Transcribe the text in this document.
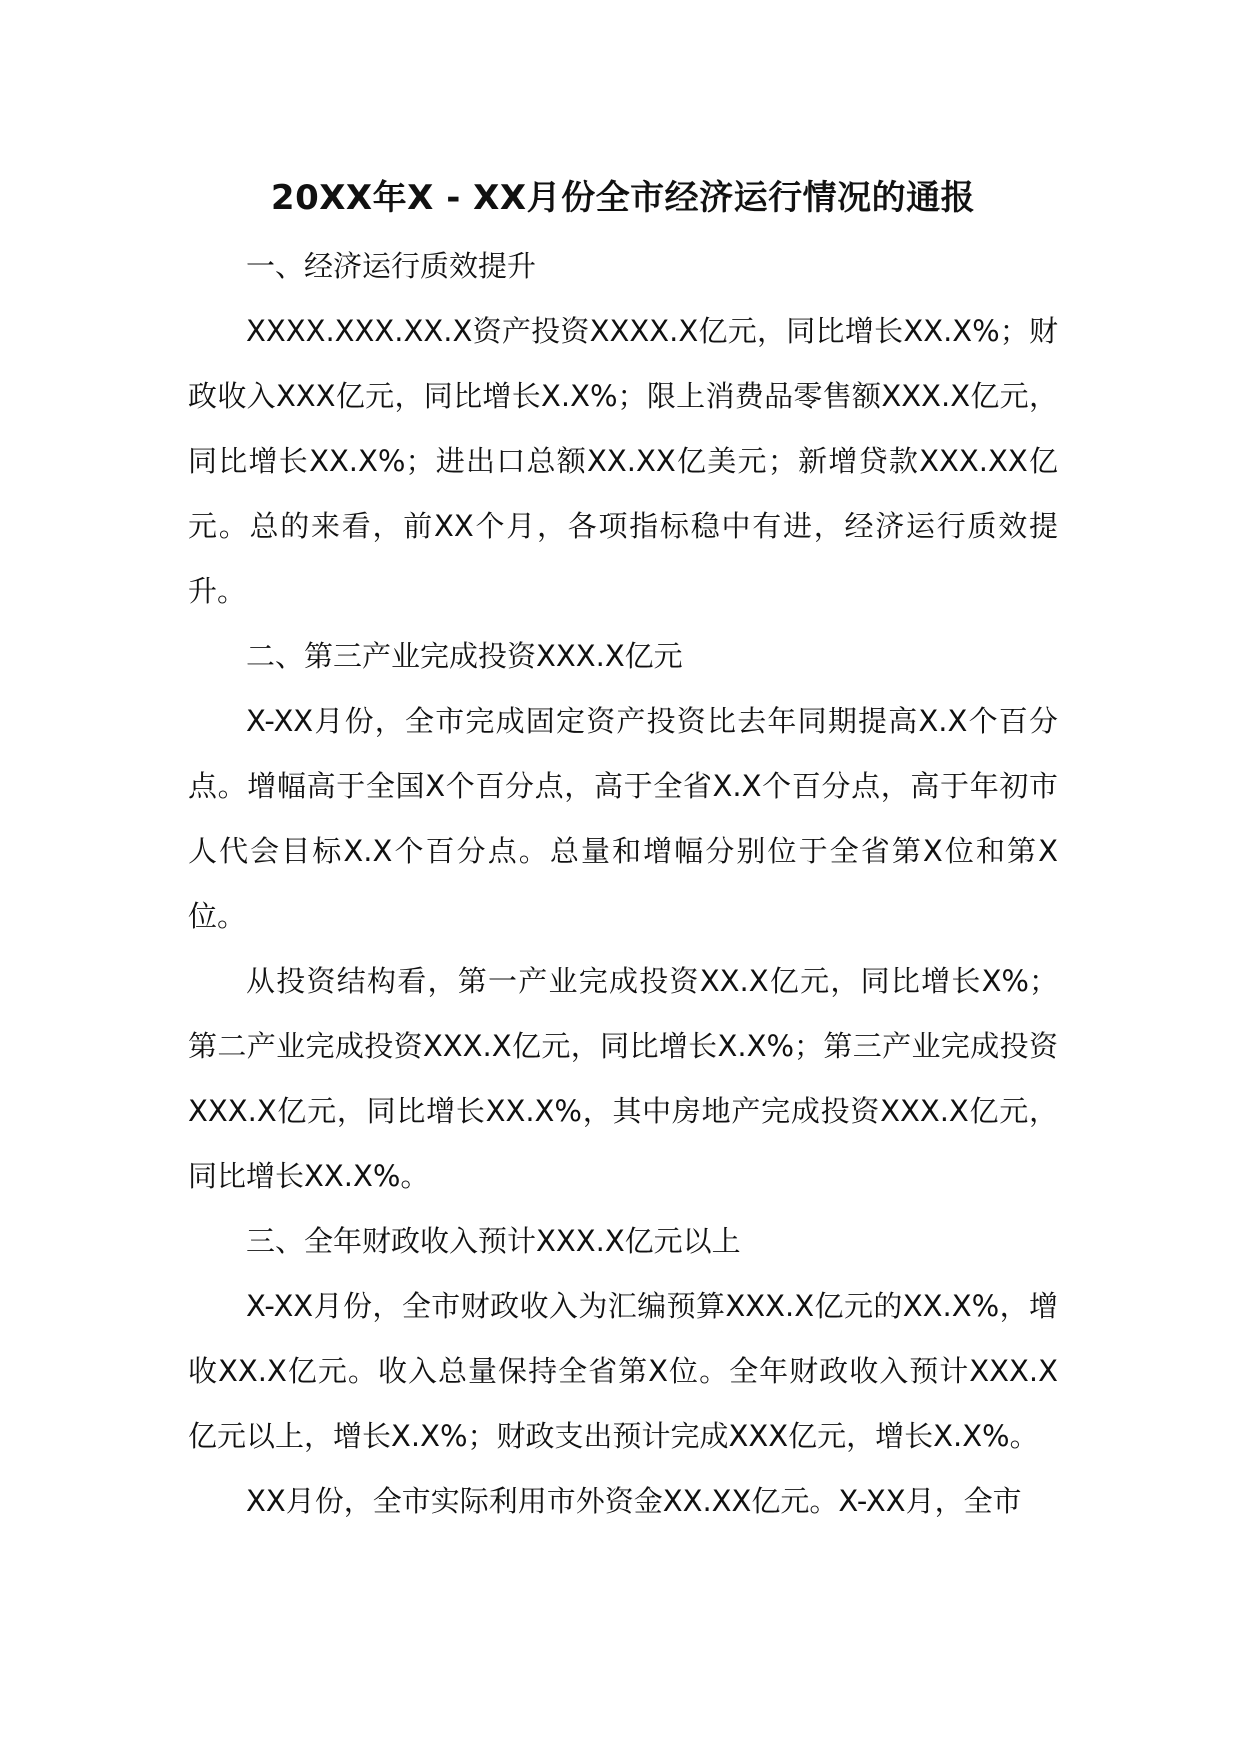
20XX年X - XX月份全市经济运行情况的通报

一、经济运行质效提升

XXXX.XXX.XX.X资产投资XXXX.X亿元，同比增长XX.X%；财政收入XXX亿元，同比增长X.X%；限上消费品零售额XXX.X亿元，同比增长XX.X%；进出口总额XX.XX亿美元；新增贷款XXX.XX亿元。总的来看，前XX个月，各项指标稳中有进，经济运行质效提升。

二、第三产业完成投资XXX.X亿元

X-XX月份，全市完成固定资产投资比去年同期提高X.X个百分点。增幅高于全国X个百分点，高于全省X.X个百分点，高于年初市人代会目标X.X个百分点。总量和增幅分别位于全省第X位和第X位。

从投资结构看，第一产业完成投资XX.X亿元，同比增长X%；第二产业完成投资XXX.X亿元，同比增长X.X%；第三产业完成投资XXX.X亿元，同比增长XX.X%，其中房地产完成投资XXX.X亿元，同比增长XX.X%。

三、全年财政收入预计XXX.X亿元以上

X-XX月份，全市财政收入为汇编预算XXX.X亿元的XX.X%，增收XX.X亿元。收入总量保持全省第X位。全年财政收入预计XXX.X亿元以上，增长X.X%；财政支出预计完成XXX亿元，增长X.X%。

XX月份，全市实际利用市外资金XX.XX亿元。X-XX月，全市
